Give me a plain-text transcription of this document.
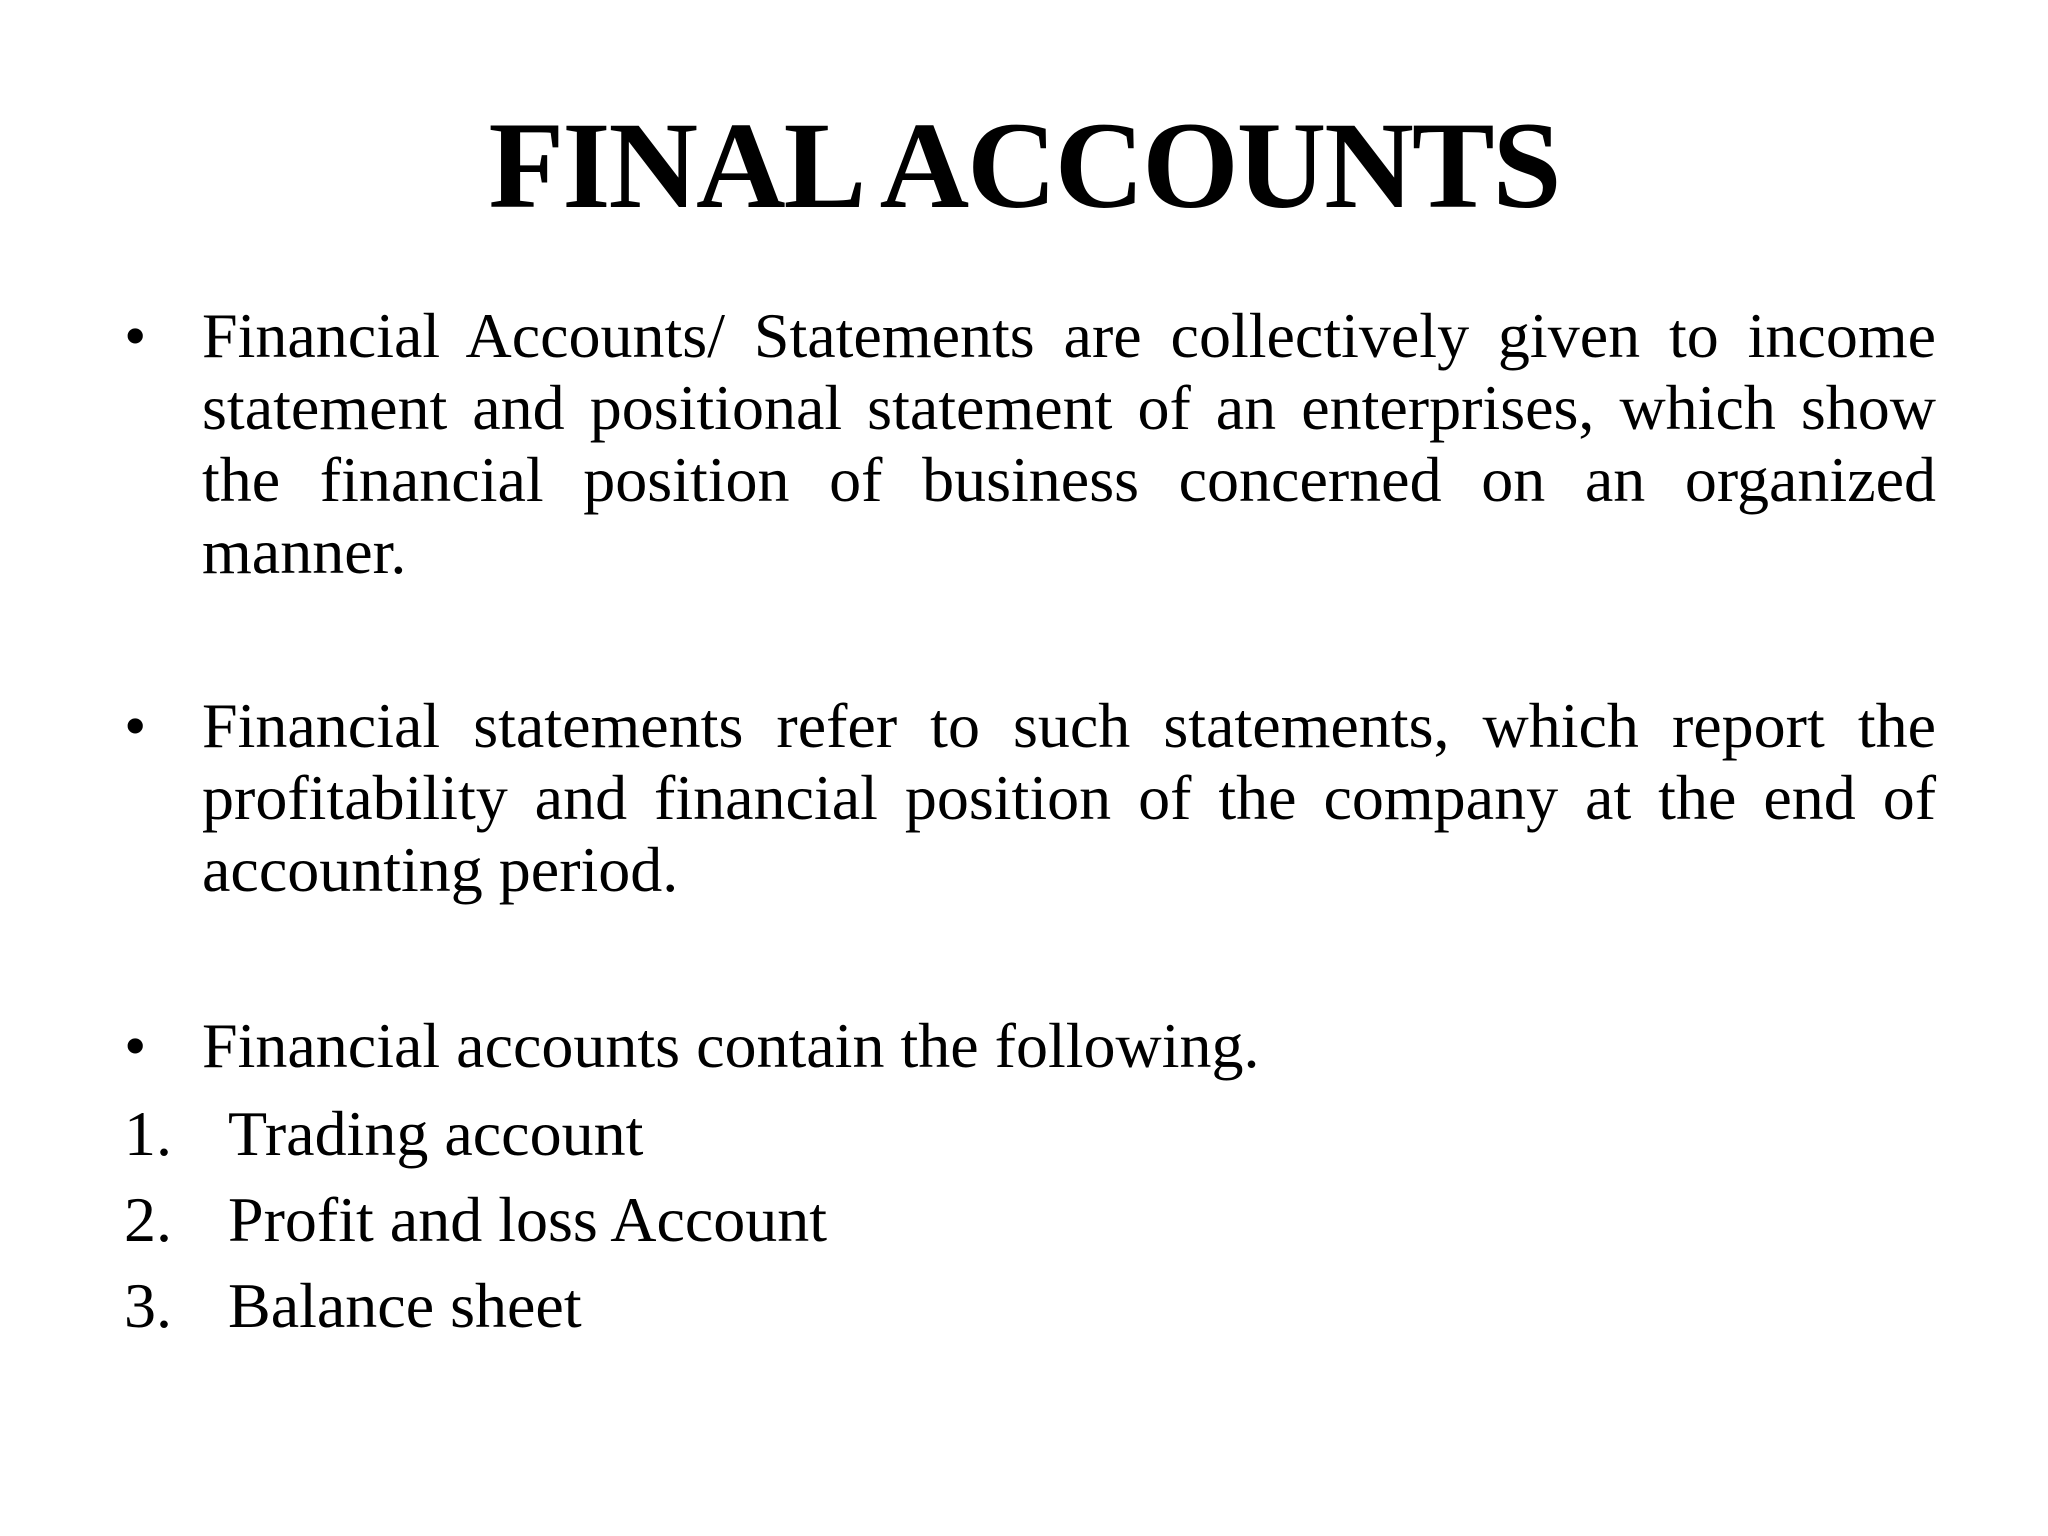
FINAL ACCOUNTS
• Financial Accounts/ Statements are collectively given to income statement and positional statement of an enterprises, which show the financial position of business concerned on an organized manner.
• Financial statements refer to such statements, which report the profitability and financial position of the company at the end of accounting period.
• Financial accounts contain the following.
1. Trading account
2. Profit and loss Account
3. Balance sheet
